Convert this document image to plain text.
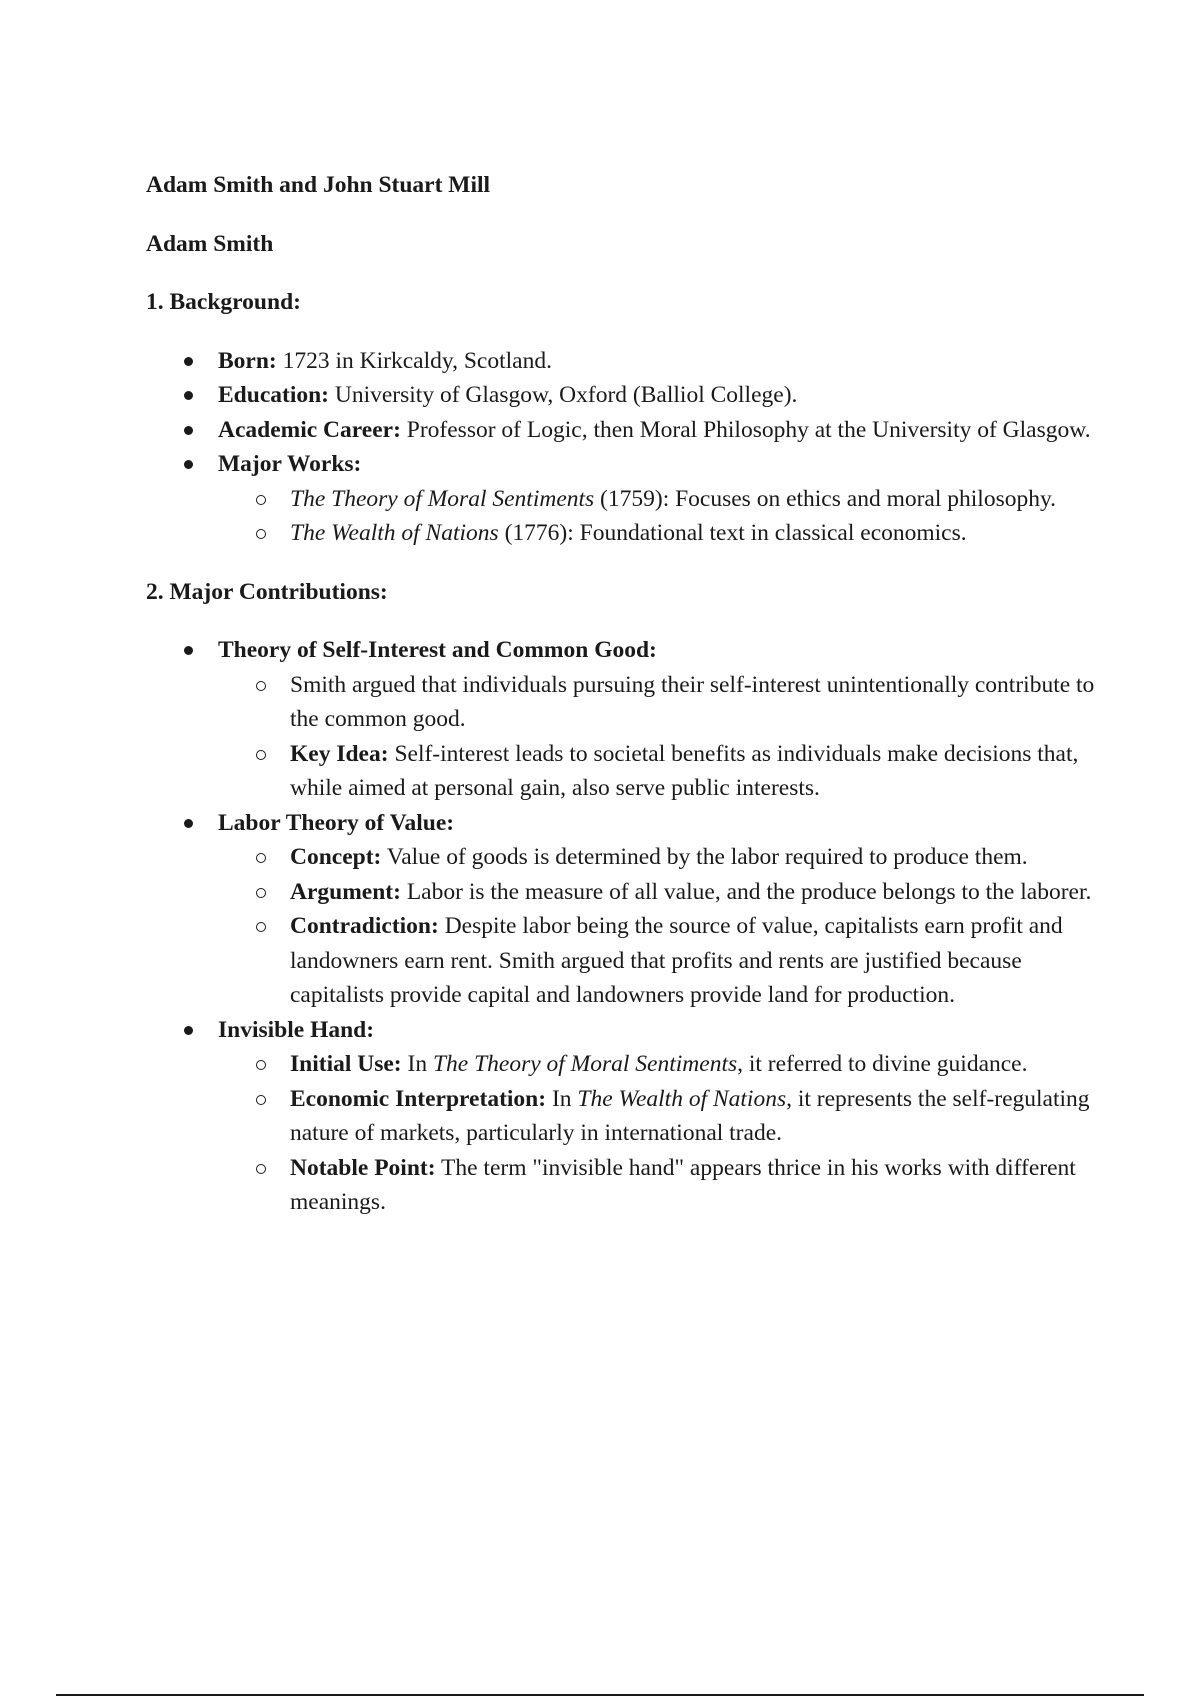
Adam Smith and John Stuart Mill
Adam Smith
1. Background:
Born: 1723 in Kirkcaldy, Scotland.
Education: University of Glasgow, Oxford (Balliol College).
Academic Career: Professor of Logic, then Moral Philosophy at the University of Glasgow.
Major Works:
The Theory of Moral Sentiments (1759): Focuses on ethics and moral philosophy.
The Wealth of Nations (1776): Foundational text in classical economics.
2. Major Contributions:
Theory of Self-Interest and Common Good:
Smith argued that individuals pursuing their self-interest unintentionally contribute to the common good.
Key Idea: Self-interest leads to societal benefits as individuals make decisions that, while aimed at personal gain, also serve public interests.
Labor Theory of Value:
Concept: Value of goods is determined by the labor required to produce them.
Argument: Labor is the measure of all value, and the produce belongs to the laborer.
Contradiction: Despite labor being the source of value, capitalists earn profit and landowners earn rent. Smith argued that profits and rents are justified because capitalists provide capital and landowners provide land for production.
Invisible Hand:
Initial Use: In The Theory of Moral Sentiments, it referred to divine guidance.
Economic Interpretation: In The Wealth of Nations, it represents the self-regulating nature of markets, particularly in international trade.
Notable Point: The term "invisible hand" appears thrice in his works with different meanings.
